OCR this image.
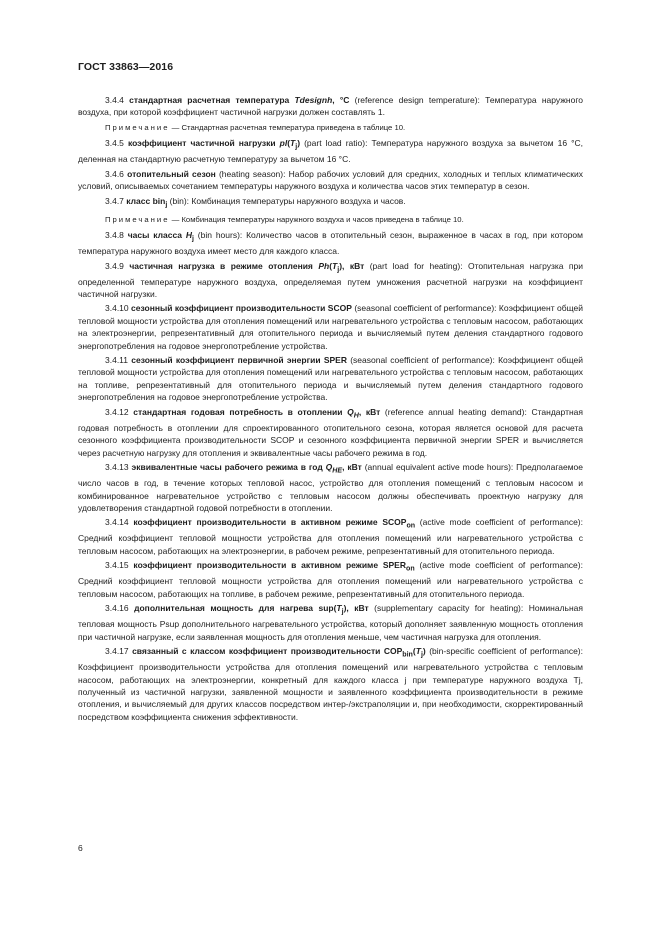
ГОСТ 33863—2016

3.4.4 стандартная расчетная температура Tdesignh, °C (reference design temperature): Температура наружного воздуха, при которой коэффициент частичной нагрузки должен составлять 1.

Примечание — Стандартная расчетная температура приведена в таблице 10.

3.4.5 коэффициент частичной нагрузки $pl(T_j)$ (part load ratio): Температура наружного воздуха за вычетом 16 °С, деленная на стандартную расчетную температуру за вычетом 16 °C.

3.4.6 отопительный сезон (heating season): Набор рабочих условий для средних, холодных и теплых климатических условий, описываемых сочетанием температуры наружного воздуха и количества часов этих температур в сезон.

3.4.7 класс bin$_j$ (bin): Комбинация температуры наружного воздуха и часов.

Примечание — Комбинация температуры наружного воздуха и часов приведена в таблице 10.

3.4.8 часы класса $H_j$ (bin hours): Количество часов в отопительный сезон, выраженное в часах в год, при котором температура наружного воздуха имеет место для каждого класса.

3.4.9 частичная нагрузка в режиме отопления $Ph(T_j)$, кВт (part load for heating): Отопительная нагрузка при определенной температуре наружного воздуха, определяемая путем умножения расчетной нагрузки на коэффициент частичной нагрузки.

3.4.10 сезонный коэффициент производительности SCOP (seasonal coefficient of performance): Коэффициент общей тепловой мощности устройства для отопления помещений или нагревательного устройства с тепловым насосом, работающих на электроэнергии, репрезентативный для отопительного периода и вычисляемый путем деления стандартного годового энергопотребления на годовое энергопотребление устройства.

3.4.11 сезонный коэффициент первичной энергии SPER (seasonal coefficient of performance): Коэффициент общей тепловой мощности устройства для отопления помещений или нагревательного устройства с тепловым насосом, работающих на топливе, репрезентативный для отопительного периода и вычисляемый путем деления стандартного годового энергопотребления на годовое энергопотребление устройства.

3.4.12 стандартная годовая потребность в отоплении $Q_H$, кВт (reference annual heating demand): Стандартная годовая потребность в отоплении для спроектированного отопительного сезона, которая является основой для расчета сезонного коэффициента производительности SCOP и сезонного коэффициента первичной энергии SPER и вычисляется через расчетную нагрузку для отопления и эквивалентные часы рабочего режима в год.

3.4.13 эквивалентные часы рабочего режима в год $Q_{HE}$, кВт (annual equivalent active mode hours): Предполагаемое число часов в год, в течение которых тепловой насос, устройство для отопления помещений с тепловым насосом и комбинированное нагревательное устройство с тепловым насосом должны обеспечивать проектную нагрузку для удовлетворения стандартной годовой потребности в отоплении.

3.4.14 коэффициент производительности в активном режиме $SCOP_{on}$ (active mode coefficient of performance): Средний коэффициент тепловой мощности устройства для отопления помещений или нагревательного устройства с тепловым насосом, работающих на электроэнергии, в рабочем режиме, репрезентативный для отопительного периода.

3.4.15 коэффициент производительности в активном режиме $SPER_{on}$ (active mode coefficient of performance): Средний коэффициент тепловой мощности устройства для отопления помещений или нагревательного устройства с тепловым насосом, работающих на топливе, в рабочем режиме, репрезентативный для отопительного периода.

3.4.16 дополнительная мощность для нагрева $sup(T_j)$, кВт (supplementary capacity for heating): Номинальная тепловая мощность Psup дополнительного нагревательного устройства, который дополняет заявленную мощность отопления при частичной нагрузке, если заявленная мощность для отопления меньше, чем частичная нагрузка для отопления.

3.4.17 связанный с классом коэффициент производительности $COP_{bin}(T_j)$ (bin-specific coefficient of performance): Коэффициент производительности устройства для отопления помещений или нагревательного устройства с тепловым насосом, работающих на электроэнергии, конкретный для каждого класса j при температуре наружного воздуха Tj, полученный из частичной нагрузки, заявленной мощности и заявленного коэффициента производительности в режиме отопления, и вычисляемый для других классов посредством интер-/экстраполяции и, при необходимости, скорректированный посредством коэффициента снижения эффективности.

6
